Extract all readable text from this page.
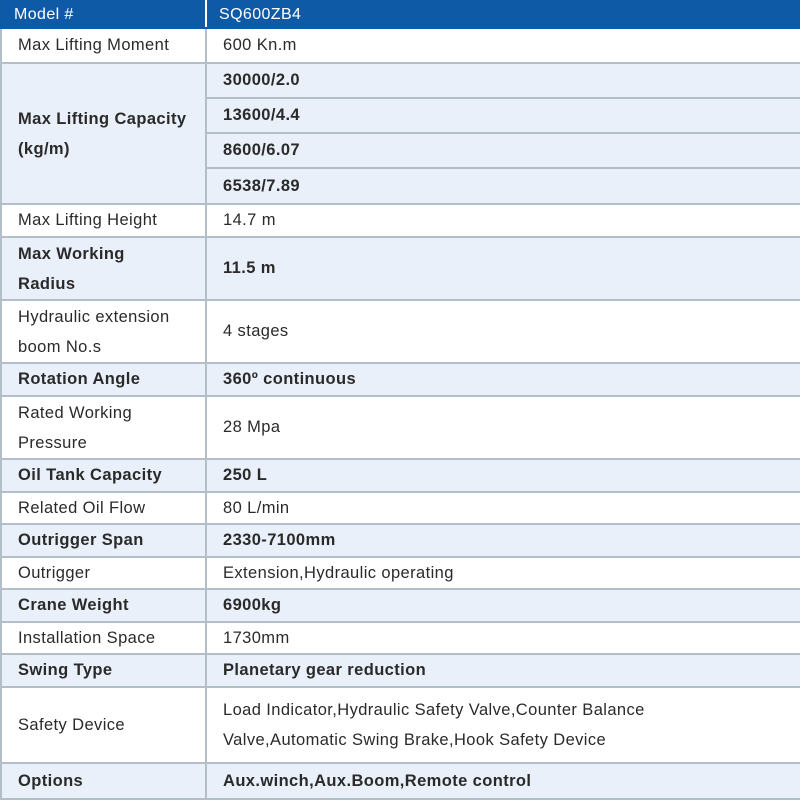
Model #	SQ600ZB4
Max Lifting Moment	600 Kn.m
Max Lifting Capacity (kg/m)	30000/2.0
	13600/4.4
	8600/6.07
	6538/7.89
Max Lifting Height	14.7 m
Max Working
Radius	11.5 m
Hydraulic extension
boom No.s	4 stages
Rotation Angle	360º continuous
Rated Working
Pressure	28 Mpa
Oil Tank Capacity	250 L
Related Oil Flow	80 L/min
Outrigger Span	2330-7100mm
Outrigger	Extension,Hydraulic operating
Crane Weight	6900kg
Installation Space	1730mm
Swing Type	Planetary gear reduction
Safety Device	Load Indicator,Hydraulic Safety Valve,Counter Balance
Valve,Automatic Swing Brake,Hook Safety Device
Options	Aux.winch,Aux.Boom,Remote control
